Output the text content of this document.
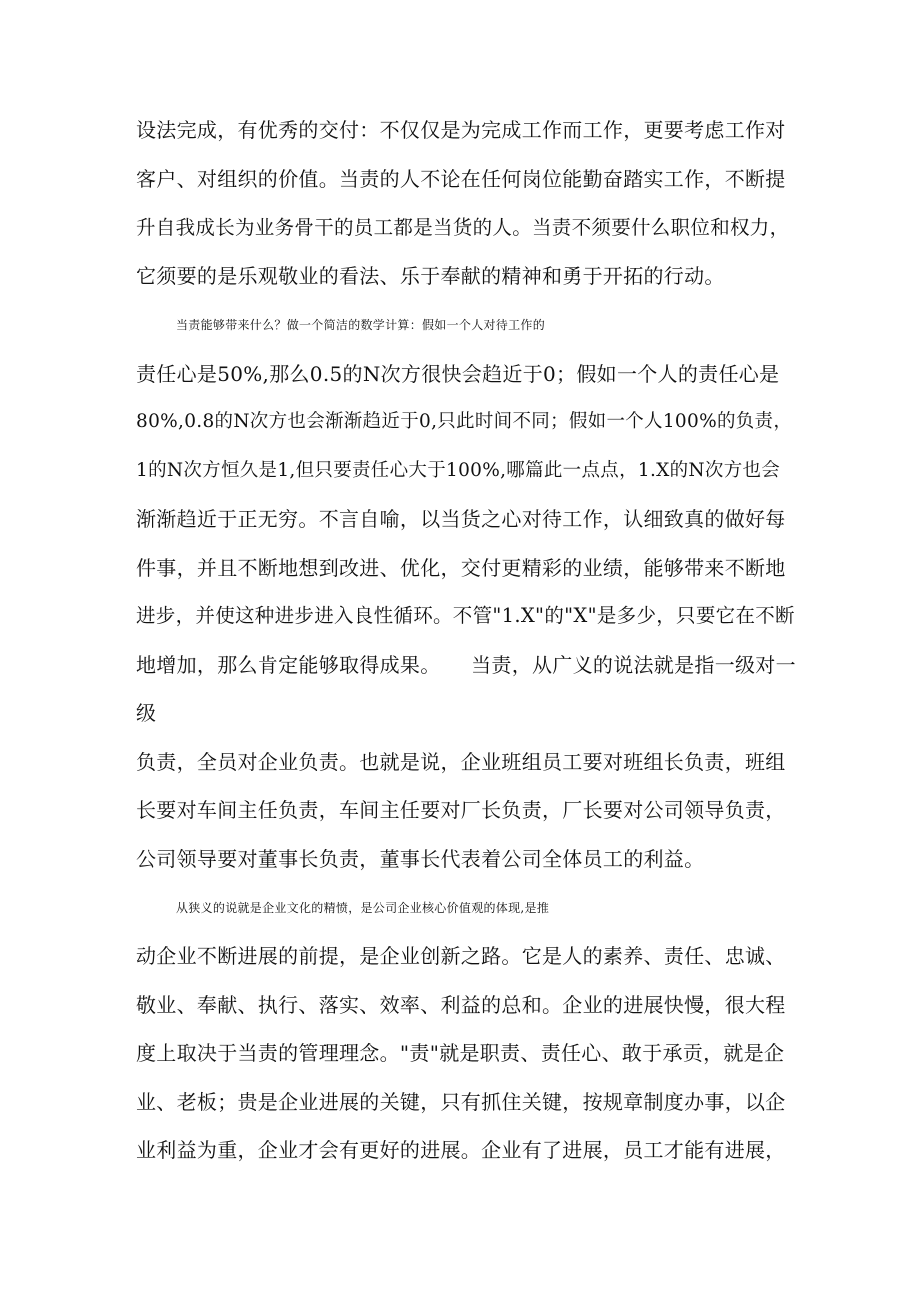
设法完成，有优秀的交付：不仅仅是为完成工作而工作，更要考虑工作对
客户、对组织的价值。当责的人不论在任何岗位能勤奋踏实工作，不断提
升自我成长为业务骨干的员工都是当货的人。当责不须要什么职位和权力，
它须要的是乐观敬业的看法、乐于奉献的精神和勇于开拓的行动。
当责能够带来什么？做一个简洁的数学计算：假如一个人对待工作的
责任心是50%,那么0.5的N次方很快会趋近于0；假如一个人的责任心是
80%,0.8的N次方也会渐渐趋近于0,只此时间不同；假如一个人100%的负责，
1的N次方恒久是1,但只要责任心大于100%,哪篇此一点点，1.X的N次方也会
渐渐趋近于正无穷。不言自喻，以当货之心对待工作，认细致真的做好每
件事，并且不断地想到改进、优化，交付更精彩的业绩，能够带来不断地
进步，并使这种进步进入良性循环。不管"1.X"的"X"是多少，只要它在不断
地增加，那么肯定能够取得成果。　　当责，从广义的说法就是指一级对一
级
负责，全员对企业负责。也就是说，企业班组员工要对班组长负责，班组
长要对车间主任负责，车间主任要对厂长负责，厂长要对公司领导负责，
公司领导要对董事长负责，董事长代表着公司全体员工的利益。
从狭义的说就是企业文化的精愤，是公司企业核心价值观的体现,是推
动企业不断进展的前提，是企业创新之路。它是人的素养、责任、忠诚、
敬业、奉献、执行、落实、效率、利益的总和。企业的进展快慢，很大程
度上取决于当责的管理理念。"责"就是职责、责任心、敢于承贡，就是企
业、老板；贵是企业进展的关键，只有抓住关键，按规章制度办事，以企
业利益为重，企业才会有更好的进展。企业有了进展，员工才能有进展，
